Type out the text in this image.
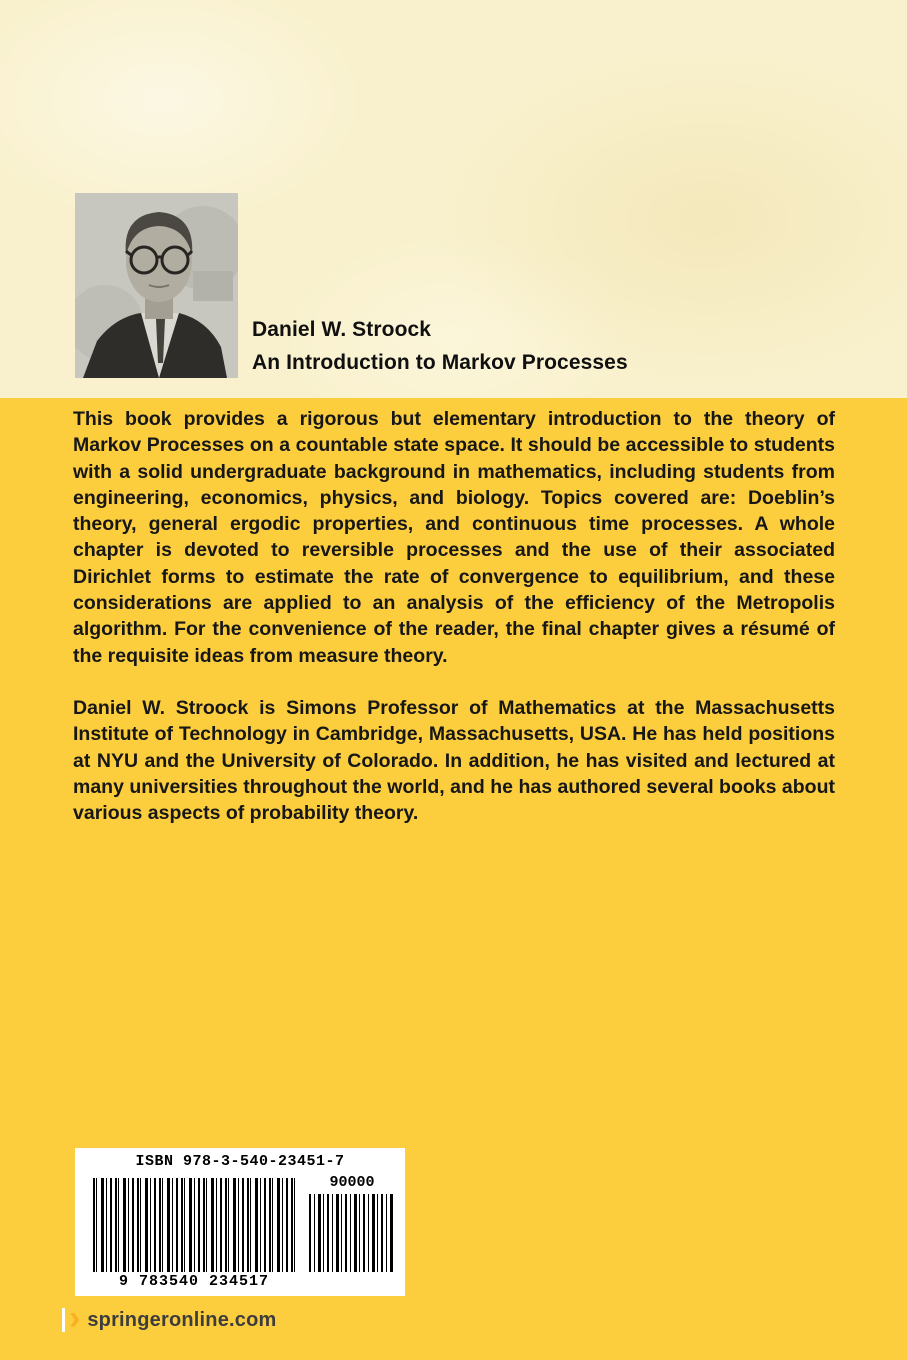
Daniel W. Stroock
An Introduction to Markov Processes

This book provides a rigorous but elementary introduction to the theory of Markov Processes on a countable state space. It should be accessible to students with a solid undergraduate background in mathematics, including students from engineering, economics, physics, and biology. Topics covered are: Doeblin’s theory, general ergodic properties, and continuous time processes. A whole chapter is devoted to reversible processes and the use of their associated Dirichlet forms to estimate the rate of convergence to equilibrium, and these considerations are applied to an analysis of the efficiency of the Metropolis algorithm. For the convenience of the reader, the final chapter gives a résumé of the requisite ideas from measure theory.

Daniel W. Stroock is Simons Professor of Mathematics at the Massachusetts Institute of Technology in Cambridge, Massachusetts, USA. He has held positions at NYU and the University of Colorado. In addition, he has visited and lectured at many universities throughout the world, and he has authored several books about various aspects of probability theory.

ISBN 978-3-540-23451-7
9 783540 234517
90000
› springeronline.com
